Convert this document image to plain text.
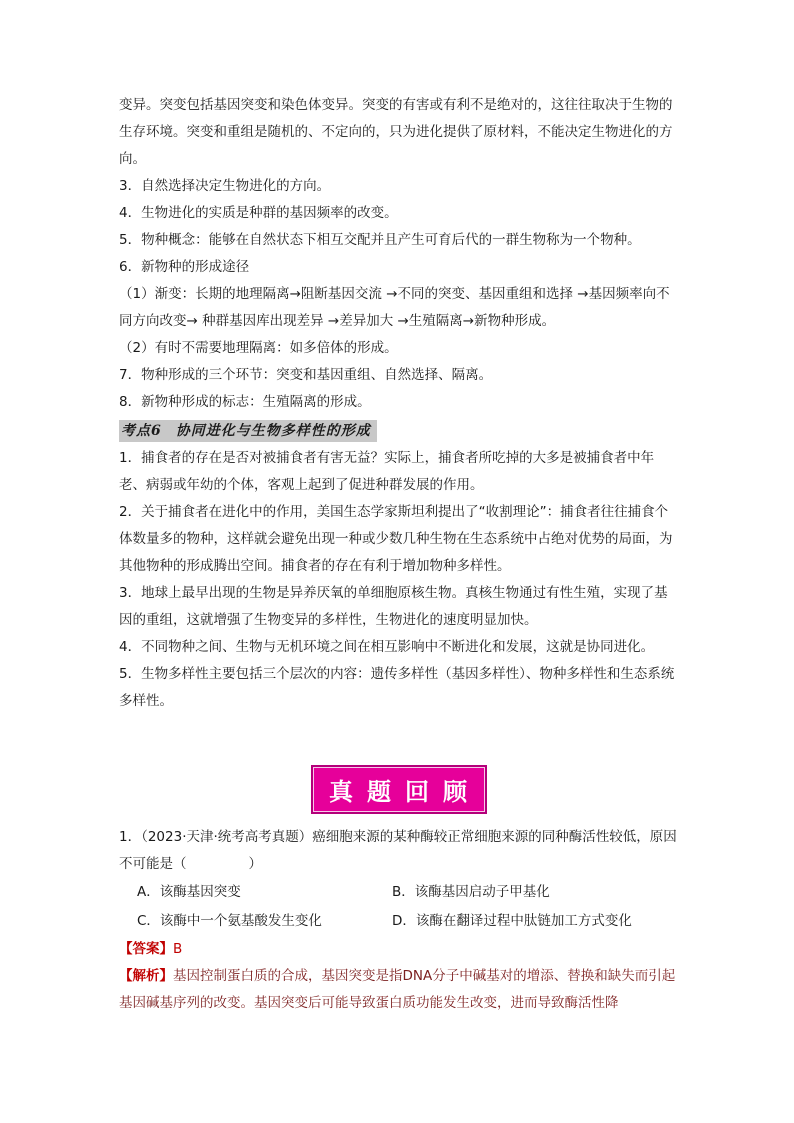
变异。突变包括基因突变和染色体变异。突变的有害或有利不是绝对的，这往往取决于生物的生存环境。突变和重组是随机的、不定向的，只为进化提供了原材料，不能决定生物进化的方向。

3．自然选择决定生物进化的方向。

4．生物进化的实质是种群的基因频率的改变。

5．物种概念：能够在自然状态下相互交配并且产生可育后代的一群生物称为一个物种。

6．新物种的形成途径

（1）渐变：长期的地理隔离→阻断基因交流 →不同的突变、基因重组和选择 →基因频率向不同方向改变→ 种群基因库出现差异 →差异加大 →生殖隔离→新物种形成。

（2）有时不需要地理隔离：如多倍体的形成。

7．物种形成的三个环节：突变和基因重组、自然选择、隔离。

8．新物种形成的标志：生殖隔离的形成。

考点6 协同进化与生物多样性的形成

1．捕食者的存在是否对被捕食者有害无益？实际上，捕食者所吃掉的大多是被捕食者中年老、病弱或年幼的个体，客观上起到了促进种群发展的作用。

2．关于捕食者在进化中的作用，美国生态学家斯坦利提出了“收割理论”：捕食者往往捕食个体数量多的物种，这样就会避免出现一种或少数几种生物在生态系统中占绝对优势的局面，为其他物种的形成腾出空间。捕食者的存在有利于增加物种多样性。

3．地球上最早出现的生物是异养厌氧的单细胞原核生物。真核生物通过有性生殖，实现了基因的重组，这就增强了生物变异的多样性，生物进化的速度明显加快。

4．不同物种之间、生物与无机环境之间在相互影响中不断进化和发展，这就是协同进化。

5．生物多样性主要包括三个层次的内容：遗传多样性（基因多样性）、物种多样性和生态系统多样性。

真题回顾

1．（2023·天津·统考高考真题）癌细胞来源的某种酶较正常细胞来源的同种酶活性较低，原因不可能是（	）

A．该酶基因突变	B．该酶基因启动子甲基化

C．该酶中一个氨基酸发生变化	D．该酶在翻译过程中肽链加工方式变化

【答案】B

【解析】基因控制蛋白质的合成，基因突变是指DNA分子中碱基对的增添、替换和缺失而引起基因碱基序列的改变。基因突变后可能导致蛋白质功能发生改变，进而导致酶活性降
